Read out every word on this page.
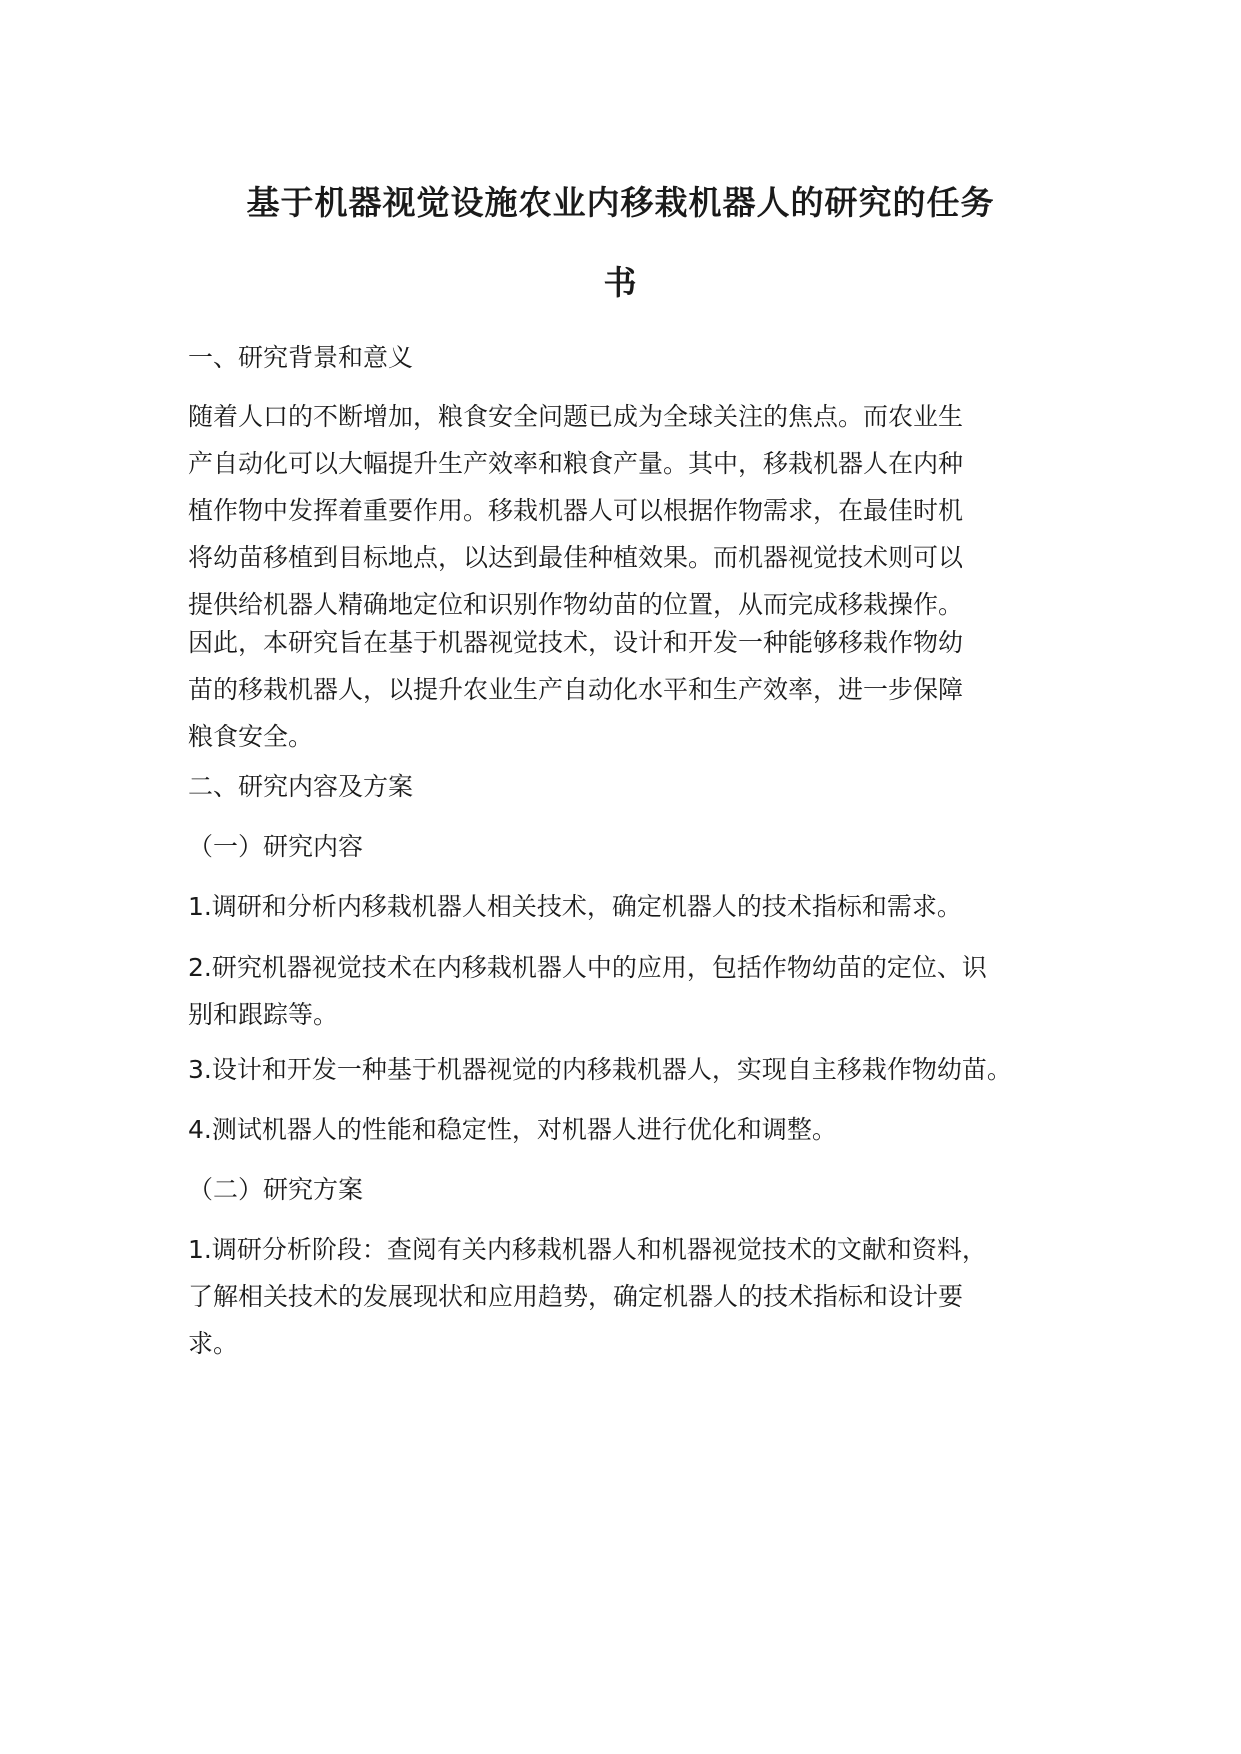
基于机器视觉设施农业内移栽机器人的研究的任务
书
一、研究背景和意义
随着人口的不断增加，粮食安全问题已成为全球关注的焦点。而农业生
产自动化可以大幅提升生产效率和粮食产量。其中，移栽机器人在内种
植作物中发挥着重要作用。移栽机器人可以根据作物需求，在最佳时机
将幼苗移植到目标地点，以达到最佳种植效果。而机器视觉技术则可以
提供给机器人精确地定位和识别作物幼苗的位置，从而完成移栽操作。
因此，本研究旨在基于机器视觉技术，设计和开发一种能够移栽作物幼
苗的移栽机器人，以提升农业生产自动化水平和生产效率，进一步保障
粮食安全。
二、研究内容及方案
（一）研究内容
1.调研和分析内移栽机器人相关技术，确定机器人的技术指标和需求。
2.研究机器视觉技术在内移栽机器人中的应用，包括作物幼苗的定位、识
别和跟踪等。
3.设计和开发一种基于机器视觉的内移栽机器人，实现自主移栽作物幼苗。
4.测试机器人的性能和稳定性，对机器人进行优化和调整。
（二）研究方案
1.调研分析阶段：查阅有关内移栽机器人和机器视觉技术的文献和资料，
了解相关技术的发展现状和应用趋势，确定机器人的技术指标和设计要
求。
